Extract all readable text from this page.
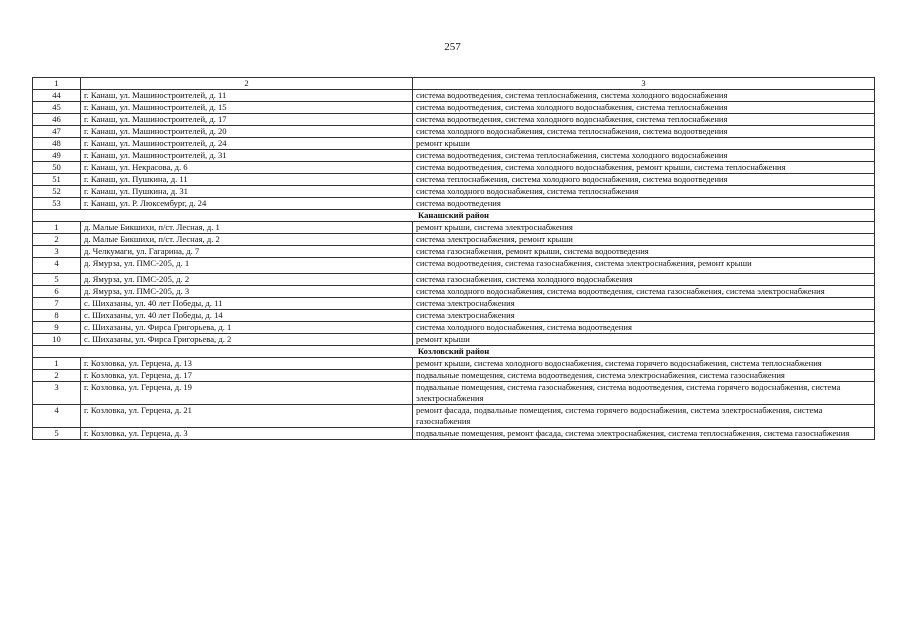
257
1	2	3
44	г. Канаш, ул. Машиностроителей, д. 11	система водоотведения, система теплоснабжения, система холодного водоснабжения
45	г. Канаш, ул. Машиностроителей, д. 15	система водоотведения, система холодного водоснабжения, система теплоснабжения
46	г. Канаш, ул. Машиностроителей, д. 17	система водоотведения, система холодного водоснабжения, система теплоснабжения
47	г. Канаш, ул. Машиностроителей, д. 20	система холодного водоснабжения, система теплоснабжения, система водоотведения
48	г. Канаш, ул. Машиностроителей, д. 24	ремонт крыши
49	г. Канаш, ул. Машиностроителей, д. 31	система водоотведения, система теплоснабжения, система холодного водоснабжения
50	г. Канаш, ул. Некрасова, д. 6	система водоотведения, система холодного водоснабжения, ремонт крыши, система теплоснабжения
51	г. Канаш, ул. Пушкина, д. 11	система теплоснабжения, система холодного водоснабжения, система водоотведения
52	г. Канаш, ул. Пушкина, д. 31	система холодного водоснабжения, система теплоснабжения
53	г. Канаш, ул. Р. Люксембург, д. 24	система водоотведения
Канашский район		
1	д. Малые Бикшихи, п/ст. Лесная, д. 1	ремонт крыши, система электроснабжения
2	д. Малые Бикшихи, п/ст. Лесная, д. 2	система электроснабжения, ремонт крыши
3	д. Челкумаги, ул. Гагарина, д. 7	система газоснабжения, ремонт крыши, система водоотведения
4	д. Ямурза, ул. ПМС-205, д. 1	система водоотведения, система газоснабжения, система электроснабжения, ремонт крыши
5	д. Ямурза, ул. ПМС-205, д. 2	система газоснабжения, система холодного водоснабжения
6	д. Ямурза, ул. ПМС-205, д. 3	система холодного водоснабжения, система водоотведения, система газоснабжения, система электроснабжения
7	с. Шихазаны, ул. 40 лет Победы, д. 11	система электроснабжения
8	с. Шихазаны, ул. 40 лет Победы, д. 14	система электроснабжения
9	с. Шихазаны, ул. Фирса Григорьева, д. 1	система холодного водоснабжения, система водоотведения
10	с. Шихазаны, ул. Фирса Григорьева, д. 2	ремонт крыши
Козловский район		
1	г. Козловка, ул. Герцена, д. 13	ремонт крыши, система холодного водоснабжения, система горячего водоснабжения, система теплоснабжения
2	г. Козловка, ул. Герцена, д. 17	подвальные помещения, система водоотведения, система электроснабжения, система газоснабжения
3	г. Козловка, ул. Герцена, д. 19	подвальные помещения, система газоснабжения, система водоотведения, система горячего водоснабжения, система электроснабжения
4	г. Козловка, ул. Герцена, д. 21	ремонт фасада, подвальные помещения, система горячего водоснабжения, система электроснабжения, система газоснабжения
5	г. Козловка, ул. Герцена, д. 3	подвальные помещения, ремонт фасада, система электроснабжения, система теплоснабжения, система газоснабжения
